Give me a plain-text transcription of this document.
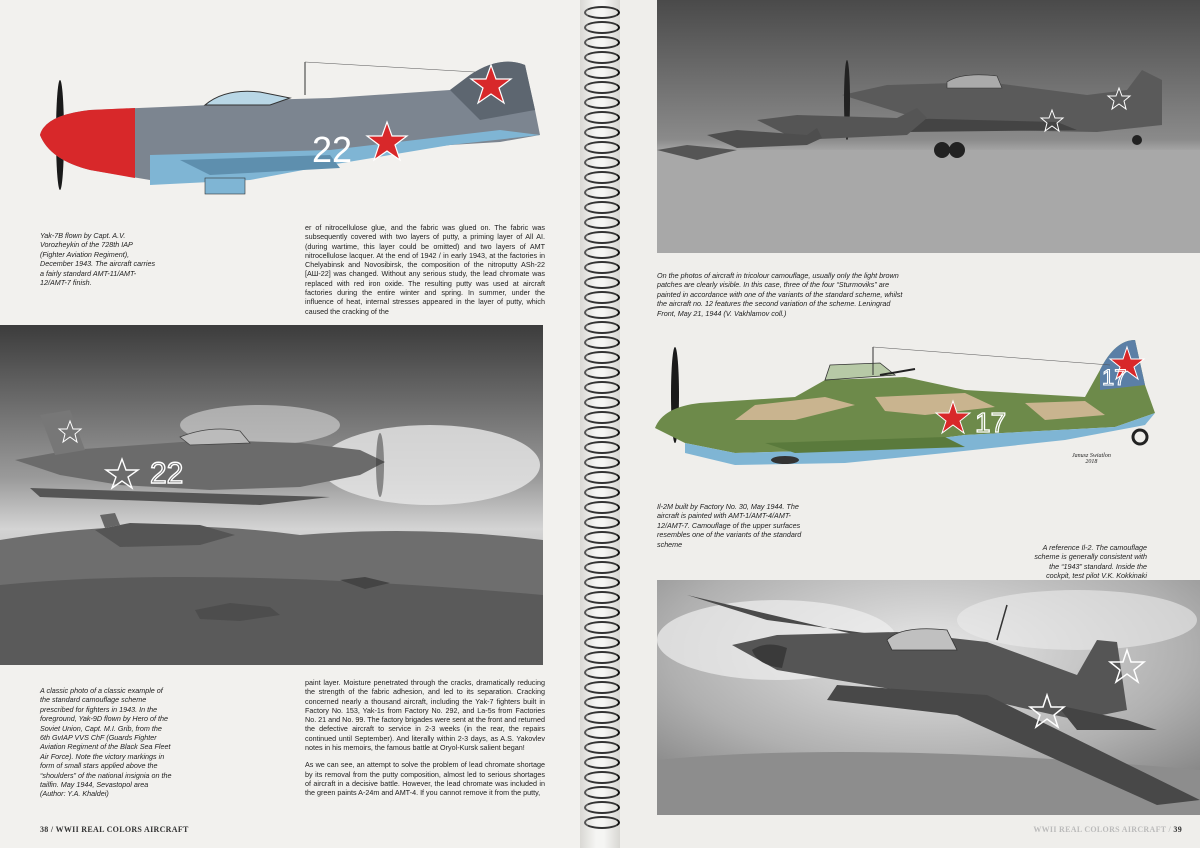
22
Yak-7B flown by Capt. A.V. Vorozheykin of the 728th IAP (Fighter Aviation Regiment), December 1943. The aircraft carries a fairly standard AMT-11/AMT-12/AMT-7 finish.
er of nitrocellulose glue, and the fabric was glued on. The fabric was subsequently covered with two layers of putty, a priming layer of All AI. (during wartime, this layer could be omitted) and two layers of AMT nitrocellulose lacquer. At the end of 1942 / in early 1943, at the factories in Chelyabinsk and Novosibirsk, the composition of the nitroputty ASh-22 [AШ-22] was changed. Without any serious study, the lead chromate was replaced with red iron oxide. The resulting putty was used at aircraft factories during the entire winter and spring. In summer, under the influence of heat, internal stresses appeared in the layer of putty, which caused the cracking of the
22
A classic photo of a classic example of the standard camouflage scheme prescribed for fighters in 1943. In the foreground, Yak-9D flown by Hero of the Soviet Union, Capt. M.I. Grib, from the 6th GvIAP VVS ChF (Guards Fighter Aviation Regiment of the Black Sea Fleet Air Force). Note the victory markings in form of small stars applied above the “shoulders” of the national insignia on the tailfin. May 1944, Sevastopol area (Author: Y.A. Khaldei)

paint layer. Moisture penetrated through the cracks, dramatically reducing the strength of the fabric adhesion, and led to its separation. Cracking concerned nearly a thousand aircraft, including the Yak-7 fighters built in Factory No. 153, Yak-1s from Factory No. 292, and La-5s from Factories No. 21 and No. 99. The factory brigades were sent at the front and returned the defective aircraft to service in 2-3 weeks (in the rear, the repairs continued until September). And literally within 2-3 days, as A.S. Yakovlev notes in his memoirs, the famous battle at Oryol-Kursk salient began!

As we can see, an attempt to solve the problem of lead chromate shortage by its removal from the putty composition, almost led to serious shortages of aircraft in a decisive battle. However, the lead chromate was included in the green paints A-24m and AMT-4. If you cannot remove it from the putty,

38 / WWII REAL COLORS AIRCRAFT
On the photos of aircraft in tricolour camouflage, usually only the light brown patches are clearly visible. In this case, three of the four “Sturmoviks” are painted in accordance with one of the variants of the standard scheme, whilst the aircraft no. 12 features the second variation of the scheme. Leningrad Front, May 21, 1944 (V. Vakhlamov coll.)
17
17
Janusz Swiatlon
2018
Il-2M built by Factory No. 30, May 1944. The aircraft is painted with AMT-1/AMT-4/AMT-12/AMT-7. Camouflage of the upper surfaces resembles one of the variants of the standard scheme	A reference Il-2. The camouflage scheme is generally consistent with the “1943” standard. Inside the cockpit, test pilot V.K. Kokkinaki
WWII REAL COLORS AIRCRAFT / 39
